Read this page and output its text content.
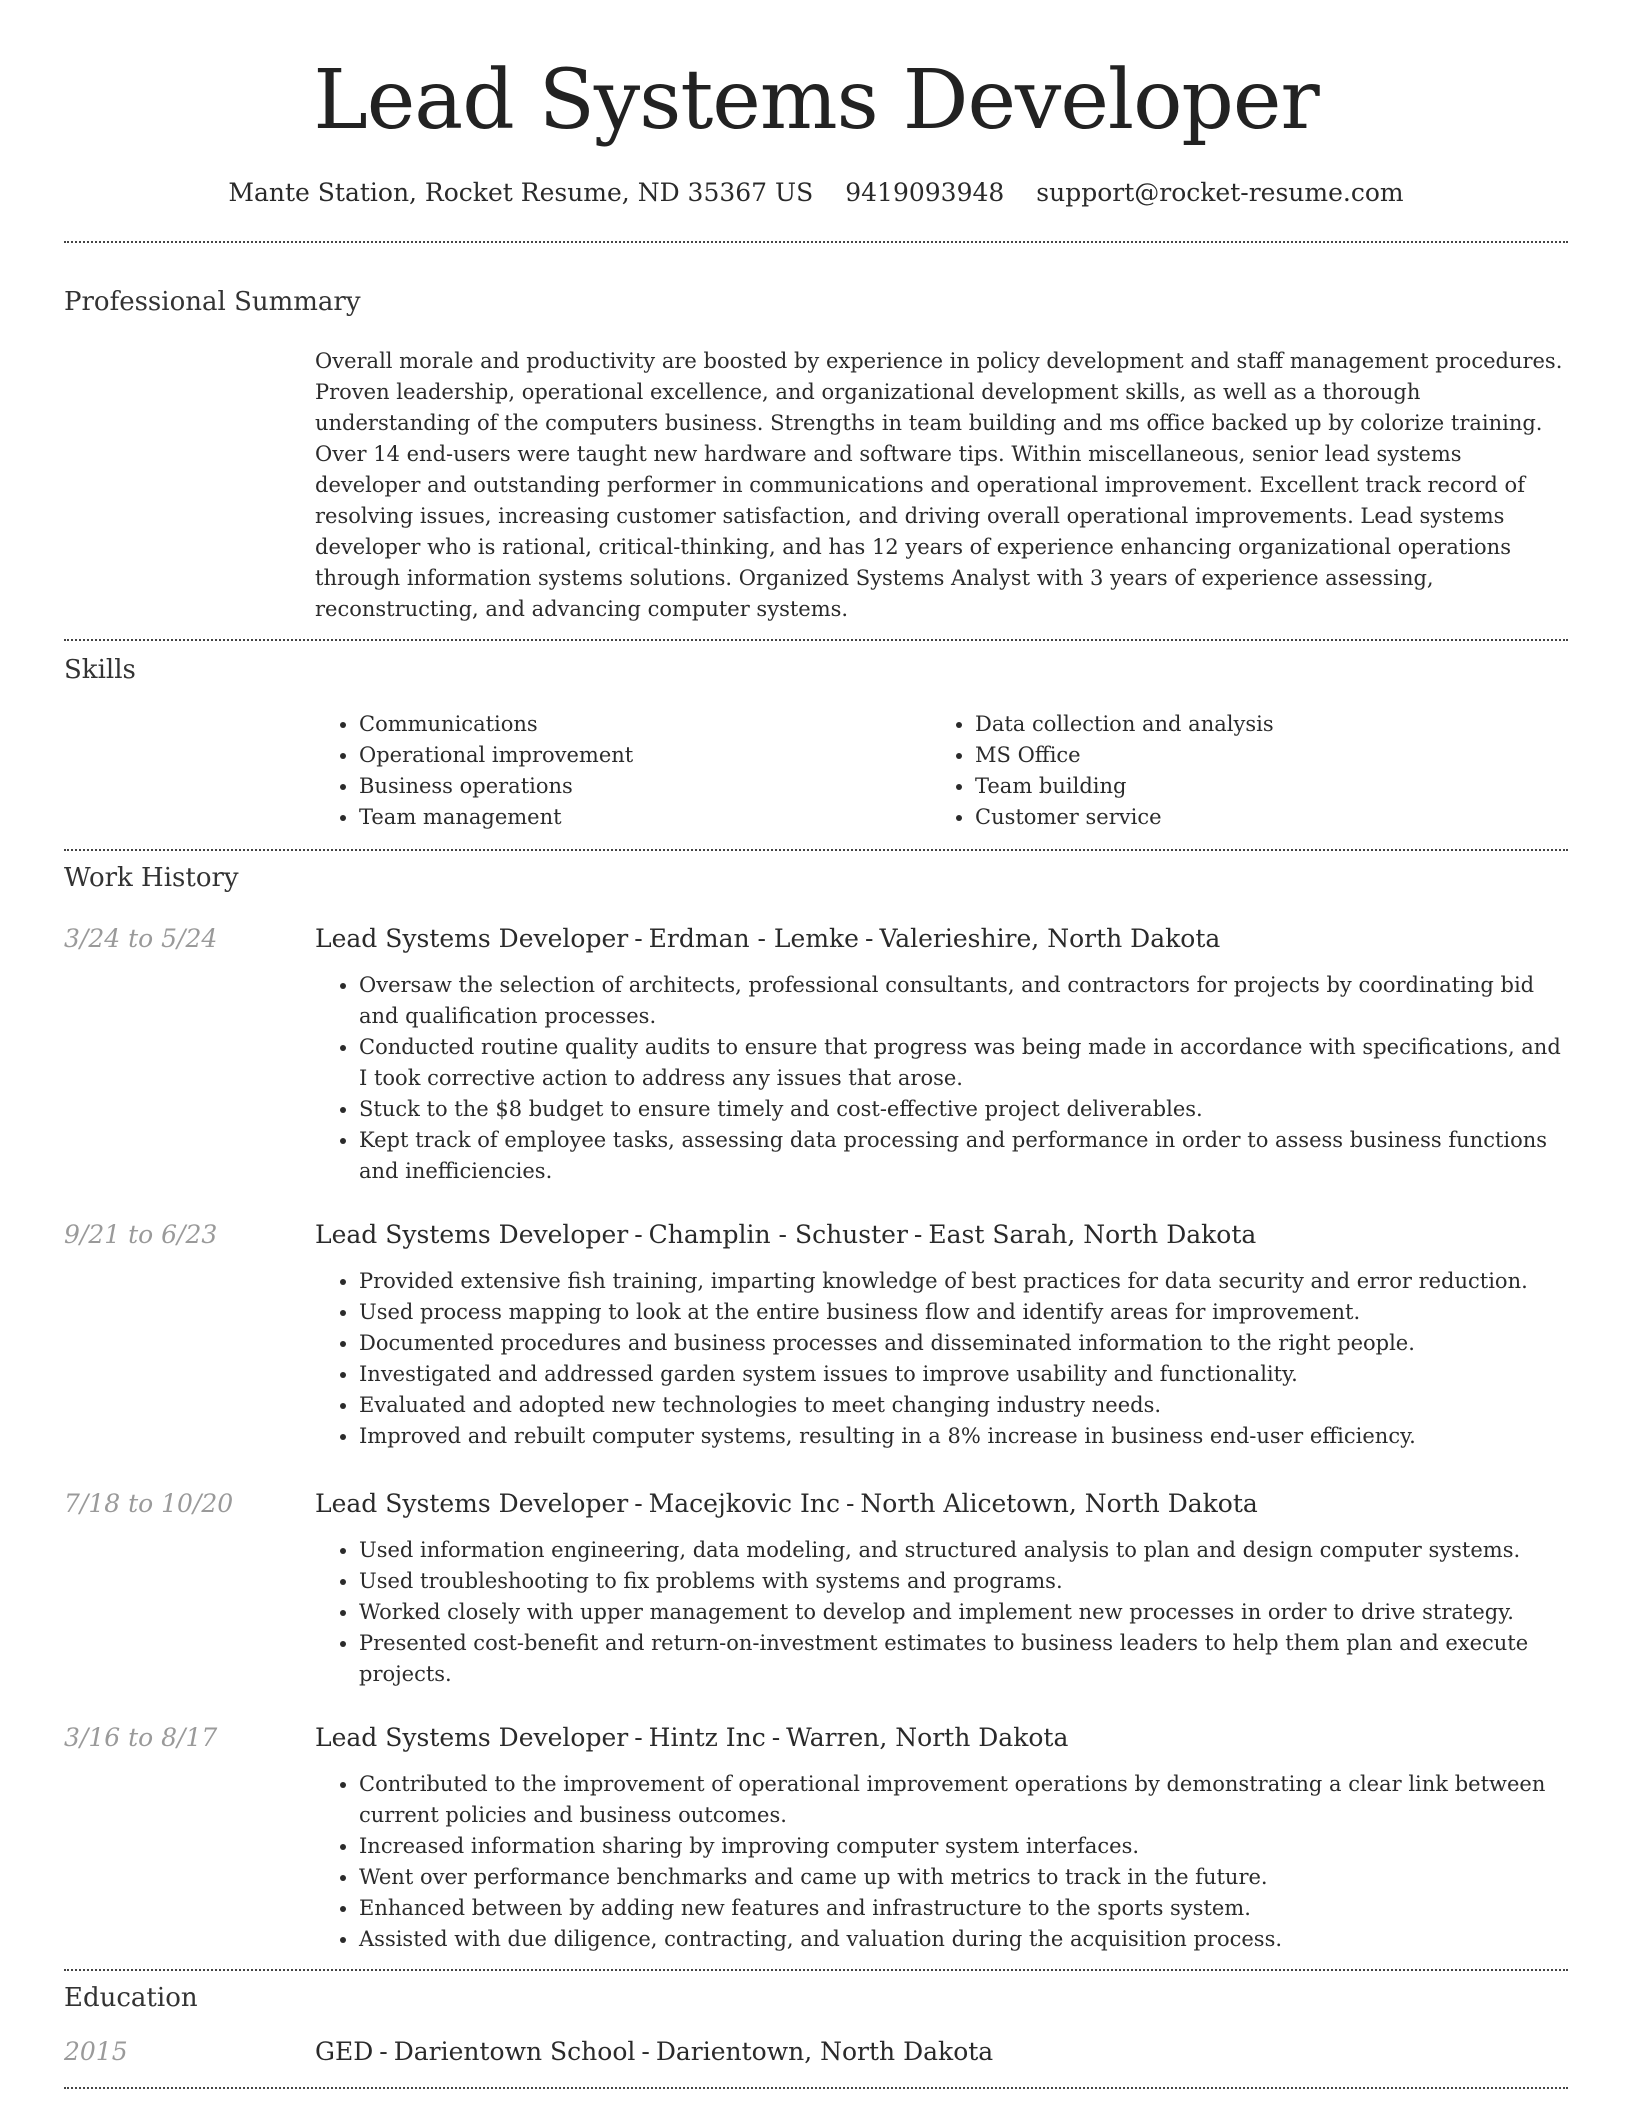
Lead Systems Developer
Mante Station, Rocket Resume, ND 35367 US 9419093948 support@rocket-resume.com
Professional Summary
Overall morale and productivity are boosted by experience in policy development and staff management procedures. Proven leadership, operational excellence, and organizational development skills, as well as a thorough understanding of the computers business. Strengths in team building and ms office backed up by colorize training. Over 14 end-users were taught new hardware and software tips. Within miscellaneous, senior lead systems developer and outstanding performer in communications and operational improvement. Excellent track record of resolving issues, increasing customer satisfaction, and driving overall operational improvements. Lead systems developer who is rational, critical-thinking, and has 12 years of experience enhancing organizational operations through information systems solutions. Organized Systems Analyst with 3 years of experience assessing, reconstructing, and advancing computer systems.
Skills
• Communications
• Operational improvement
• Business operations
• Team management
• Data collection and analysis
• MS Office
• Team building
• Customer service
Work History
3/24 to 5/24	Lead Systems Developer - Erdman - Lemke - Valerieshire, North Dakota
• Oversaw the selection of architects, professional consultants, and contractors for projects by coordinating bid and qualification processes.
• Conducted routine quality audits to ensure that progress was being made in accordance with specifications, and I took corrective action to address any issues that arose.
• Stuck to the $8 budget to ensure timely and cost-effective project deliverables.
• Kept track of employee tasks, assessing data processing and performance in order to assess business functions and inefficiencies.
9/21 to 6/23	Lead Systems Developer - Champlin - Schuster - East Sarah, North Dakota
• Provided extensive fish training, imparting knowledge of best practices for data security and error reduction.
• Used process mapping to look at the entire business flow and identify areas for improvement.
• Documented procedures and business processes and disseminated information to the right people.
• Investigated and addressed garden system issues to improve usability and functionality.
• Evaluated and adopted new technologies to meet changing industry needs.
• Improved and rebuilt computer systems, resulting in a 8% increase in business end-user efficiency.
7/18 to 10/20	Lead Systems Developer - Macejkovic Inc - North Alicetown, North Dakota
• Used information engineering, data modeling, and structured analysis to plan and design computer systems.
• Used troubleshooting to fix problems with systems and programs.
• Worked closely with upper management to develop and implement new processes in order to drive strategy.
• Presented cost-benefit and return-on-investment estimates to business leaders to help them plan and execute projects.
3/16 to 8/17	Lead Systems Developer - Hintz Inc - Warren, North Dakota
• Contributed to the improvement of operational improvement operations by demonstrating a clear link between current policies and business outcomes.
• Increased information sharing by improving computer system interfaces.
• Went over performance benchmarks and came up with metrics to track in the future.
• Enhanced between by adding new features and infrastructure to the sports system.
• Assisted with due diligence, contracting, and valuation during the acquisition process.
Education
2015	GED - Darientown School - Darientown, North Dakota
